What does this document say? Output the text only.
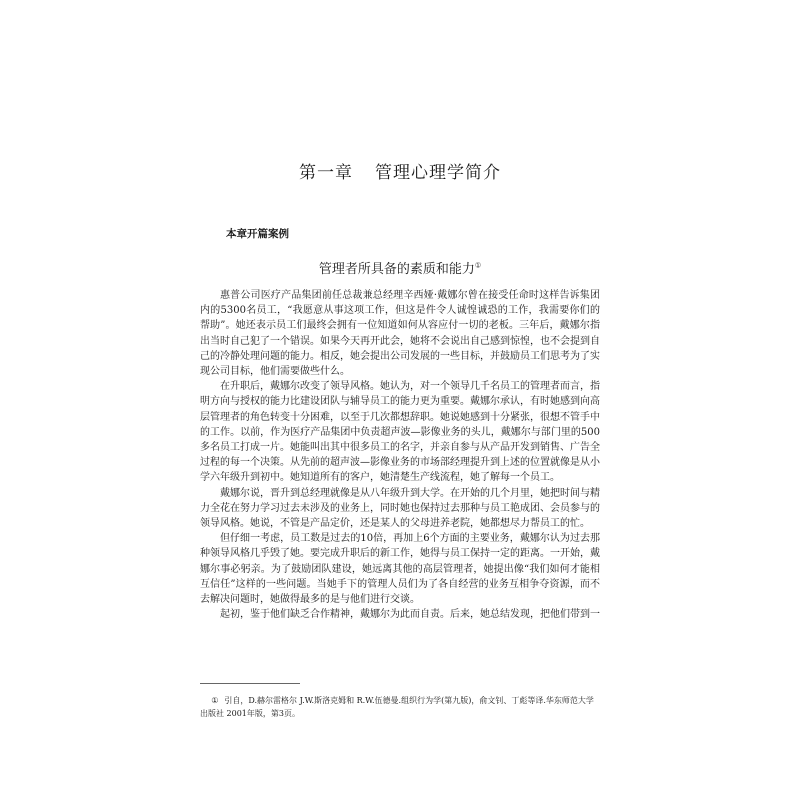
第一章 管理心理学简介
本章开篇案例
管理者所具备的素质和能力①

惠普公司医疗产品集团前任总裁兼总经理辛西娅·戴娜尔曾在接受任命时这样告诉集团内的5300名员工，“我愿意从事这项工作，但这是件令人诚惶诚恐的工作，我需要你们的帮助”。她还表示员工们最终会拥有一位知道如何从容应付一切的老板。三年后，戴娜尔指出当时自己犯了一个错误。如果今天再开此会，她将不会说出自己感到惊惶，也不会提到自己的冷静处理问题的能力。相反，她会提出公司发展的一些目标，并鼓励员工们思考为了实现公司目标，他们需要做些什么。

在升职后，戴娜尔改变了领导风格。她认为，对一个领导几千名员工的管理者而言，指明方向与授权的能力比建设团队与辅导员工的能力更为重要。戴娜尔承认，有时她感到向高层管理者的角色转变十分困难，以至于几次都想辞职。她说她感到十分紧张，很想不管手中的工作。以前，作为医疗产品集团中负责超声波—影像业务的头儿，戴娜尔与部门里的500多名员工打成一片。她能叫出其中很多员工的名字，并亲自参与从产品开发到销售、广告全过程的每一个决策。从先前的超声波—影像业务的市场部经理提升到上述的位置就像是从小学六年级升到初中。她知道所有的客户，她清楚生产线流程，她了解每一个员工。

戴娜尔说，晋升到总经理就像是从八年级升到大学。在开始的几个月里，她把时间与精力全花在努力学习过去未涉及的业务上，同时她也保持过去那种与员工艳成团、会员参与的领导风格。她说，不管是产品定价，还是某人的父母进养老院，她都想尽力帮员工的忙。

但仔细一考虑，员工数是过去的10倍，再加上6个方面的主要业务，戴娜尔认为过去那种领导风格几乎毁了她。要完成升职后的新工作，她得与员工保持一定的距离。一开始，戴娜尔事必躬亲。为了鼓励团队建设，她远离其他的高层管理者，她提出像“我们如何才能相互信任”这样的一些问题。当她手下的管理人员们为了各自经营的业务互相争夺资源，而不去解决问题时，她做得最多的是与他们进行交谈。

起初，鉴于他们缺乏合作精神，戴娜尔为此而自责。后来，她总结发现，把他们带到一

① 引自，D.赫尔雷格尔 J.W.斯洛克姆和 R.W.伍德曼.组织行为学(第九版)，俞文钊、丁彪等译.华东师范大学出版社 2001年版，第3页。
